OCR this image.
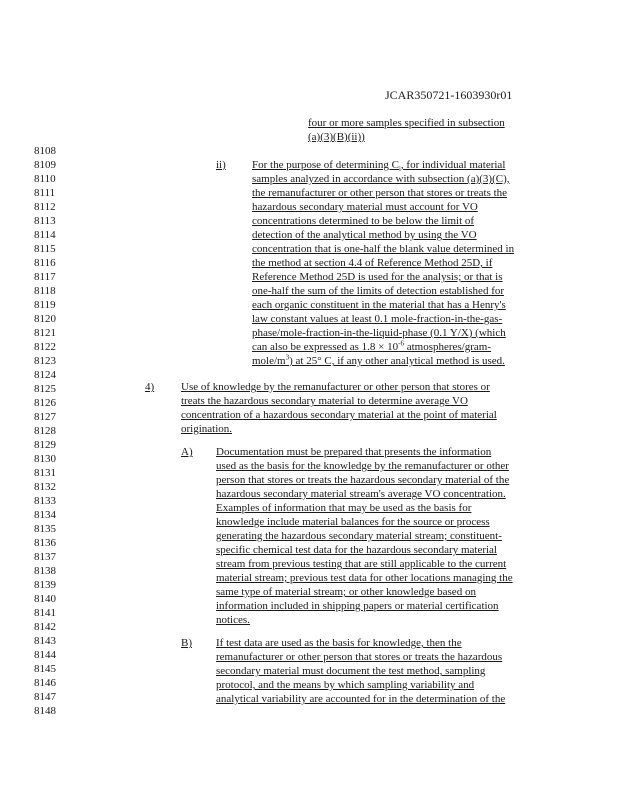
JCAR350721-1603930r01
8108
8109
8110
8111
8112
8113
8114
8115
8116
8117
8118
8119
8120
8121
8122
8123
8124
8125
8126
8127
8128
8129
8130
8131
8132
8133
8134
8135
8136
8137
8138
8139
8140
8141
8142
8143
8144
8145
8146
8147
8148
four or more samples specified in subsection
(a)(3)(B)(ii))
ii) For the purpose of determining $C_i$, for individual material
samples analyzed in accordance with subsection (a)(3)(C),
the remanufacturer or other person that stores or treats the
hazardous secondary material must account for VO
concentrations determined to be below the limit of
detection of the analytical method by using the VO
concentration that is one-half the blank value determined in
the method at section 4.4 of Reference Method 25D, if
Reference Method 25D is used for the analysis; or that is
one-half the sum of the limits of detection established for
each organic constituent in the material that has a Henry's
law constant values at least 0.1 mole-fraction-in-the-gas-
phase/mole-fraction-in-the-liquid-phase (0.1 Y/X) (which
can also be expressed as $1.8 \times 10^{-6}$ atmospheres/gram-
mole/$m^3$) at 25° C, if any other analytical method is used.
4) Use of knowledge by the remanufacturer or other person that stores or
treats the hazardous secondary material to determine average VO
concentration of a hazardous secondary material at the point of material
origination.
A) Documentation must be prepared that presents the information
used as the basis for the knowledge by the remanufacturer or other
person that stores or treats the hazardous secondary material of the
hazardous secondary material stream's average VO concentration.
Examples of information that may be used as the basis for
knowledge include material balances for the source or process
generating the hazardous secondary material stream; constituent-
specific chemical test data for the hazardous secondary material
stream from previous testing that are still applicable to the current
material stream; previous test data for other locations managing the
same type of material stream; or other knowledge based on
information included in shipping papers or material certification
notices.
B) If test data are used as the basis for knowledge, then the
remanufacturer or other person that stores or treats the hazardous
secondary material must document the test method, sampling
protocol, and the means by which sampling variability and
analytical variability are accounted for in the determination of the
